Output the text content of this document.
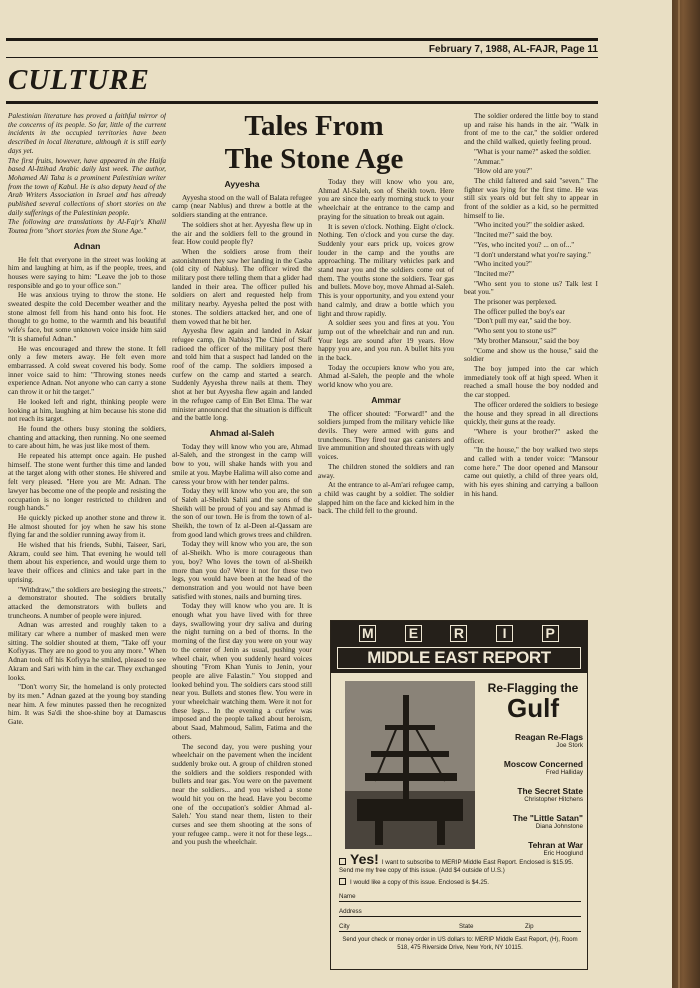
February 7, 1988, AL-FAJR, Page 11
CULTURE

Palestinian literature has proved a faithful mirror of the concerns of its people. So far, little of the current incidents in the occupied territories have been described in local literature, although it is still early days yet.

The first fruits, however, have appeared in the Haifa based Al-Ittihad Arabic daily last week. The author, Mohamed Ali Taha is a prominent Palestinian writer from the town of Kabul. He is also deputy head of the Arab Writers Association in Israel and has already published several collections of short stories on the daily sufferings of the Palestinian people.

The following are translations by Al-Fajr's Khalil Touma from "short stories from the Stone Age."

Adnan

He felt that everyone in the street was looking at him and laughing at him, as if the people, trees, and houses were saying to him: "Leave the job to those responsible and go to your office son."

He was anxious trying to throw the stone. He sweated despite the cold December weather and the stone almost fell from his hand onto his foot. He thought to go home, to the warmth and his beautiful wife's face, but some unknown voice inside him said "It is shameful Adnan."

He was encouraged and threw the stone. It fell only a few meters away. He felt even more embarrassed. A cold sweat covered his body. Some inner voice said to him: "Throwing stones needs experience Adnan. Not anyone who can carry a stone can throw it or hit the target."

He looked left and right, thinking people were looking at him, laughing at him because his stone did not reach its target.

He found the others busy stoning the soldiers, chanting and attacking, then running. No one seemed to care about him, he was just like most of them.

He repeated his attempt once again. He pushed himself. The stone went further this time and landed at the target along with other stones. He shivered and felt very pleased. "Here you are Mr. Adnan. The lawyer has become one of the people and resisting the occupation is no longer restricted to children and rough hands."

He quickly picked up another stone and threw it. He almost shouted for joy when he saw his stone flying far and the soldier running away from it.

He wished that his friends, Subhi, Taiseer, Sari, Akram, could see him. That evening he would tell them about his experience, and would urge them to leave their offices and clinics and take part in the uprising.

"Withdraw," the soldiers are besieging the streets," a demonstrator shouted. The soldiers brutally attacked the demonstrators with bullets and truncheons. A number of people were injured.

Adnan was arrested and roughly taken to a military car where a number of masked men were sitting. The soldier shouted at them, "Take off your Kofiyyas. They are no good to you any more." When Adnan took off his Kofiyya he smiled, pleased to see Akram and Sari with him in the car. They exchanged looks.

"Don't worry Sir, the homeland is only protected by its men." Adnan gazed at the young boy standing near him. A few minutes passed then he recognized him. It was Sa'di the shoe-shine boy at Damascus Gate.

Tales From
The Stone Age
Ayyesha

Ayyesha stood on the wall of Balata refugee camp (near Nablus) and threw a bottle at the soldiers standing at the entrance.

The soldiers shot at her. Ayyesha flew up in the air and the soldiers fell to the ground in fear. How could people fly?

When the soldiers arose from their astonishment they saw her landing in the Casba (old city of Nablus). The officer wired the military post there telling them that a glider had landed in their area. The officer pulled his soldiers on alert and requested help from military nearby. Ayyesha pelted the post with stones. The soldiers attacked her, and one of them vowed that he bit her.

Ayyesha flew again and landed in Askar refugee camp, (in Nablus) The Chief of Staff radioed the officer of the military post there and told him that a suspect had landed on the roof of the camp. The soldiers imposed a curfew on the camp and started a search. Suddenly Ayyesha threw nails at them. They shot at her but Ayyesha flew again and landed in the refugee camp of Ein Bet Elma. The war minister announced that the situation is difficult and the battle long.

Ahmad al-Saleh

Today they will know who you are, Ahmad al-Saleh, and the strongest in the camp will bow to you, will shake hands with you and smile at you. Maybe Halima will also come and caress your brow with her tender palms.

Today they will know who you are, the son of Saleh al-Sheikh Sahli and the sons of the Sheikh will be proud of you and say Ahmad is the son of our town. He is from the town of al-Sheikh, the town of Iz al-Deen al-Qassam are from good land which grows trees and children.

Today they will know who you are, the son of al-Sheikh. Who is more courageous than you, boy? Who loves the town of al-Sheikh more than you do? Were it not for these two legs, you would have been at the head of the demonstration and you would not have been satisfied with stones, nails and burning tires.

Today they will know who you are. It is enough what you have lived with for three days, swallowing your dry saliva and during the night turning on a bed of thorns. In the morning of the first day you were on your way to the center of Jenin as usual, pushing your wheel chair, when you suddenly heard voices shouting "From Khan Yunis to Jenin, your people are alive Falastin." You stopped and looked behind you. The soldiers cars stood still near you. Bullets and stones flew. You were in your wheelchair watching them. Were it not for these legs... In the evening a curfew was imposed and the people talked about heroism, about Saad, Mahmoud, Salim, Fatima and the others.

The second day, you were pushing your wheelchair on the pavement when the incident suddenly broke out. A group of children stoned the soldiers and the soldiers responded with bullets and tear gas. You were on the pavement near the soldiers... and you wished a stone would hit you on the head. Have you become one of the occupation's soldier Ahmad al-Saleh.' You stand near them, listen to their curses and see them shooting at the sons of your refugee camp.. were it not for these legs... and you push the wheelchair.

Today they will know who you are, Ahmad Al-Saleh, son of Sheikh town. Here you are since the early morning stuck to your wheelchair at the entrance to the camp and praying for the situation to break out again.

It is seven o'clock. Nothing. Eight o'clock. Nothing. Ten o'clock and you curse the day. Suddenly your ears prick up, voices grow louder in the camp and the youths are approaching. The military vehicles park and stand near you and the soldiers come out of them. The youths stone the soldiers. Tear gas and bullets. Move boy, move Ahmad al-Saleh. This is your opportunity, and you extend your hand calmly, and draw a bottle which you light and throw rapidly.

A soldier sees you and fires at you. You jump out of the wheelchair and run and run. Your legs are sound after 19 years. How happy you are, and you run. A bullet hits you in the back.

Today the occupiers know who you are, Ahmad al-Saleh, the people and the whole world know who you are.

Ammar

The officer shouted: "Forward!" and the soldiers jumped from the military vehicle like devils. They were armed with guns and truncheons. They fired tear gas canisters and live ammunition and shouted threats with ugly voices.

The children stoned the soldiers and ran away.

At the entrance to al-Am'ari refugee camp, a child was caught by a soldier. The soldier slapped him on the face and kicked him in the back. The child fell to the ground.

The soldier ordered the little boy to stand up and raise his hands in the air. "Walk in front of me to the car," the soldier ordered and the child walked, quietly feeling proud.

"What is your name?" asked the soldier.

"Ammar."

"How old are you?"

The child faltered and said "seven." The fighter was lying for the first time. He was still six years old but felt shy to appear in front of the soldier as a kid, so he permitted himself to lie.

"Who incited you?" the soldier asked.

"Incited me?" said the boy.

"Yes, who incited you? ... on of..."

"I don't understand what you're saying."

"Who incited you?"

"Incited me?"

"Who sent you to stone us? Talk lest I beat you."

The prisoner was perplexed.

The officer pulled the boy's ear

"Don't pull my ear," said the boy.

"Who sent you to stone us?"

"My brother Mansour," said the boy

"Come and show us the house," said the soldier

The boy jumped into the car which immediately took off at high speed. When it reached a small house the boy nodded and the car stopped.

The officer ordered the soldiers to besiege the house and they spread in all directions quickly, their guns at the ready.

"Where is your brother?" asked the officer.

"In the house," the boy walked two steps and called with a tender voice: "Mansour come here." The door opened and Mansour came out quietly, a child of three years old, with his eyes shining and carrying a balloon in his hand.

M	E	R	I	P
MIDDLE EAST REPORT
Re-Flagging the
Gulf
Reagan Re-Flags
Joe Stork
Moscow Concerned
Fred Halliday
The Secret State
Christopher Hitchens
The "Little Satan"
Diana Johnstone
Tehran at War
Eric Hooglund
Yes! I want to subscribe to MERIP Middle East Report. Enclosed is $15.95. Send me my free copy of this issue. (Add $4 outside of U.S.)
I would like a copy of this issue. Enclosed is $4.25.
Name
Address
City	State	Zip
Send your check or money order in US dollars to: MERIP Middle East Report, (H), Room 518, 475 Riverside Drive, New York, NY 10115.
